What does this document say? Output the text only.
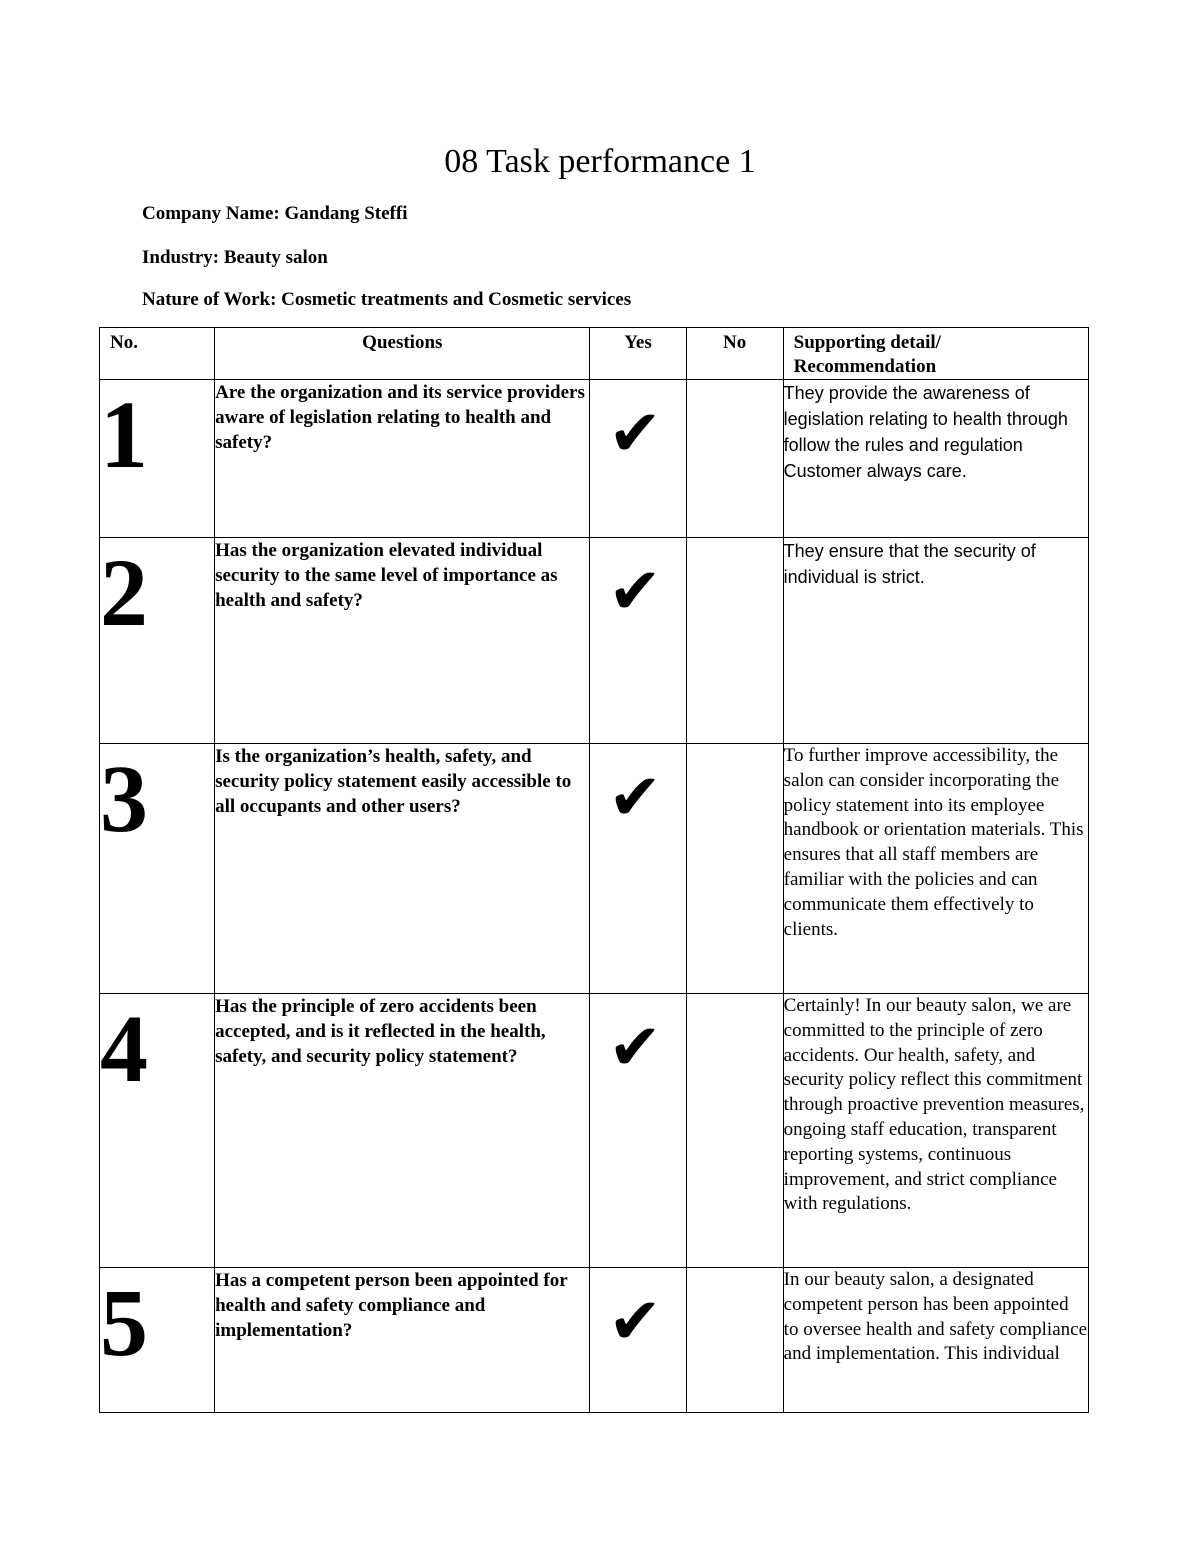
08 Task performance 1
Company Name: Gandang Steffi
Industry: Beauty salon
Nature of Work: Cosmetic treatments and Cosmetic services
No.	Questions	Yes	No	Supporting detail/ Recommendation

1	Are the organization and its service providers aware of legislation relating to health and safety?	✔		They provide the awareness of legislation relating to health through follow the rules and regulation Customer always care.
2	Has the organization elevated individual security to the same level of importance as health and safety?	✔		They ensure that the security of individual is strict.
3	Is the organization’s health, safety, and security policy statement easily accessible to all occupants and other users?	✔		To further improve accessibility, the salon can consider incorporating the policy statement into its employee handbook or orientation materials. This ensures that all staff members are familiar with the policies and can communicate them effectively to clients.
4	Has the principle of zero accidents been accepted, and is it reflected in the health, safety, and security policy statement?	✔		Certainly! In our beauty salon, we are committed to the principle of zero accidents. Our health, safety, and security policy reflect this commitment through proactive prevention measures, ongoing staff education, transparent reporting systems, continuous improvement, and strict compliance with regulations.
5	Has a competent person been appointed for health and safety compliance and implementation?	✔		In our beauty salon, a designated competent person has been appointed to oversee health and safety compliance and implementation. This individual
